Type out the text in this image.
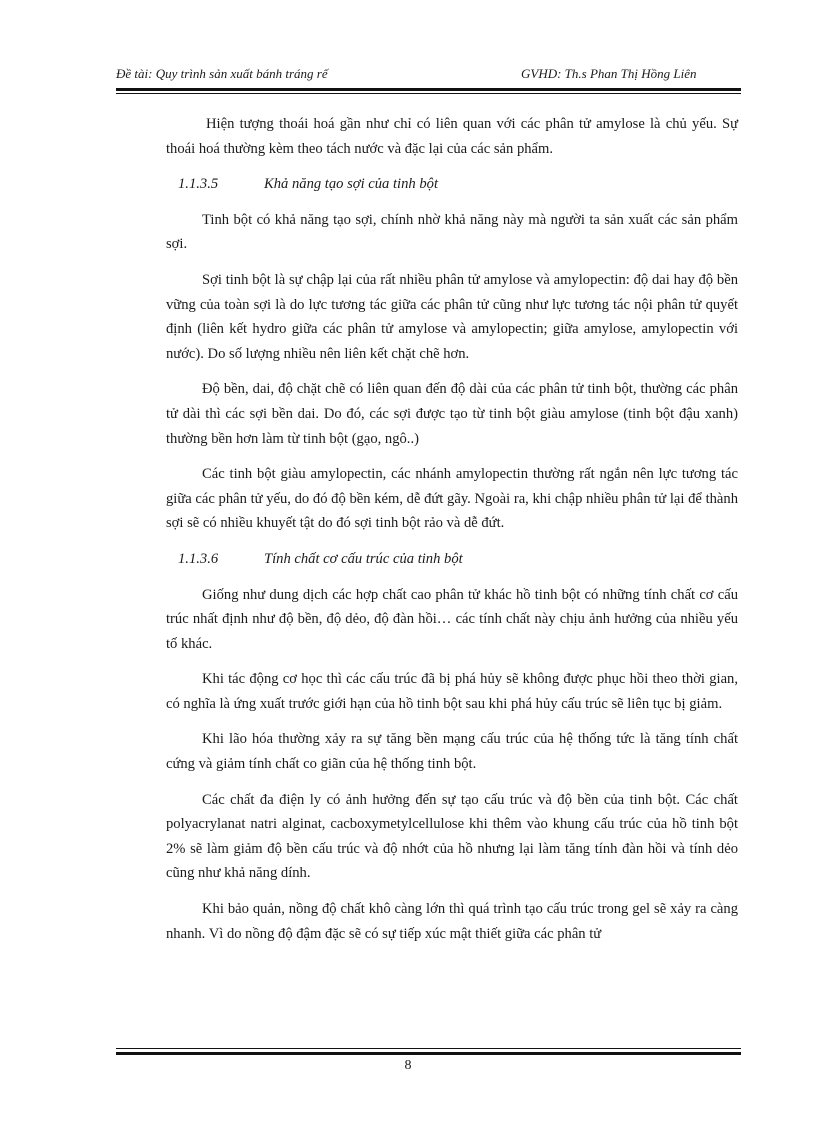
Đề tài: Quy trình sản xuất bánh tráng rế	GVHD: Th.s Phan Thị Hồng Liên

Hiện tượng thoái hoá gần như chỉ có liên quan với các phân tử amylose là chủ yếu. Sự thoái hoá thường kèm theo tách nước và đặc lại của các sản phẩm.

1.1.3.5	Khả năng tạo sợi của tinh bột

Tinh bột có khả năng tạo sợi, chính nhờ khả năng này mà người ta sản xuất các sản phẩm sợi.

Sợi tinh bột là sự chập lại của rất nhiều phân tử amylose và amylopectin: độ dai hay độ bền vững của toàn sợi là do lực tương tác giữa các phân tử cũng như lực tương tác nội phân tử quyết định (liên kết hydro giữa các phân tử amylose và amylopectin; giữa amylose, amylopectin với nước). Do số lượng nhiều nên liên kết chặt chẽ hơn.

Độ bền, dai, độ chặt chẽ có liên quan đến độ dài của các phân tử tinh bột, thường các phân tử dài thì các sợi bền dai. Do đó, các sợi được tạo từ tinh bột giàu amylose (tinh bột đậu xanh) thường bền hơn làm từ tinh bột (gạo, ngô..)

Các tinh bột giàu amylopectin, các nhánh amylopectin thường rất ngắn nên lực tương tác giữa các phân tử yếu, do đó độ bền kém, dễ đứt gãy. Ngoài ra, khi chập nhiều phân tử lại để thành sợi sẽ có nhiều khuyết tật do đó sợi tinh bột rảo và dễ đứt.

1.1.3.6	Tính chất cơ cấu trúc của tinh bột

Giống như dung dịch các hợp chất cao phân tử khác hồ tinh bột có những tính chất cơ cấu trúc nhất định như độ bền, độ dẻo, độ đàn hồi… các tính chất này chịu ảnh hưởng của nhiều yếu tố khác.

Khi tác động cơ học thì các cấu trúc đã bị phá hủy sẽ không được phục hồi theo thời gian, có nghĩa là ứng xuất trước giới hạn của hồ tinh bột sau khi phá hủy cấu trúc sẽ liên tục bị giảm.

Khi lão hóa thường xảy ra sự tăng bền mạng cấu trúc của hệ thống tức là tăng tính chất cứng và giảm tính chất co giãn của hệ thống tinh bột.

Các chất đa điện ly có ảnh hưởng đến sự tạo cấu trúc và độ bền của tinh bột. Các chất polyacrylanat natri alginat, cacboxymetylcellulose khi thêm vào khung cấu trúc của hồ tinh bột 2% sẽ làm giảm độ bền cấu trúc và độ nhớt của hồ nhưng lại làm tăng tính đàn hồi và tính dẻo cũng như khả năng dính.

Khi bảo quản, nồng độ chất khô càng lớn thì quá trình tạo cấu trúc trong gel sẽ xảy ra càng nhanh. Vì do nồng độ đậm đặc sẽ có sự tiếp xúc mật thiết giữa các phân tử

8
